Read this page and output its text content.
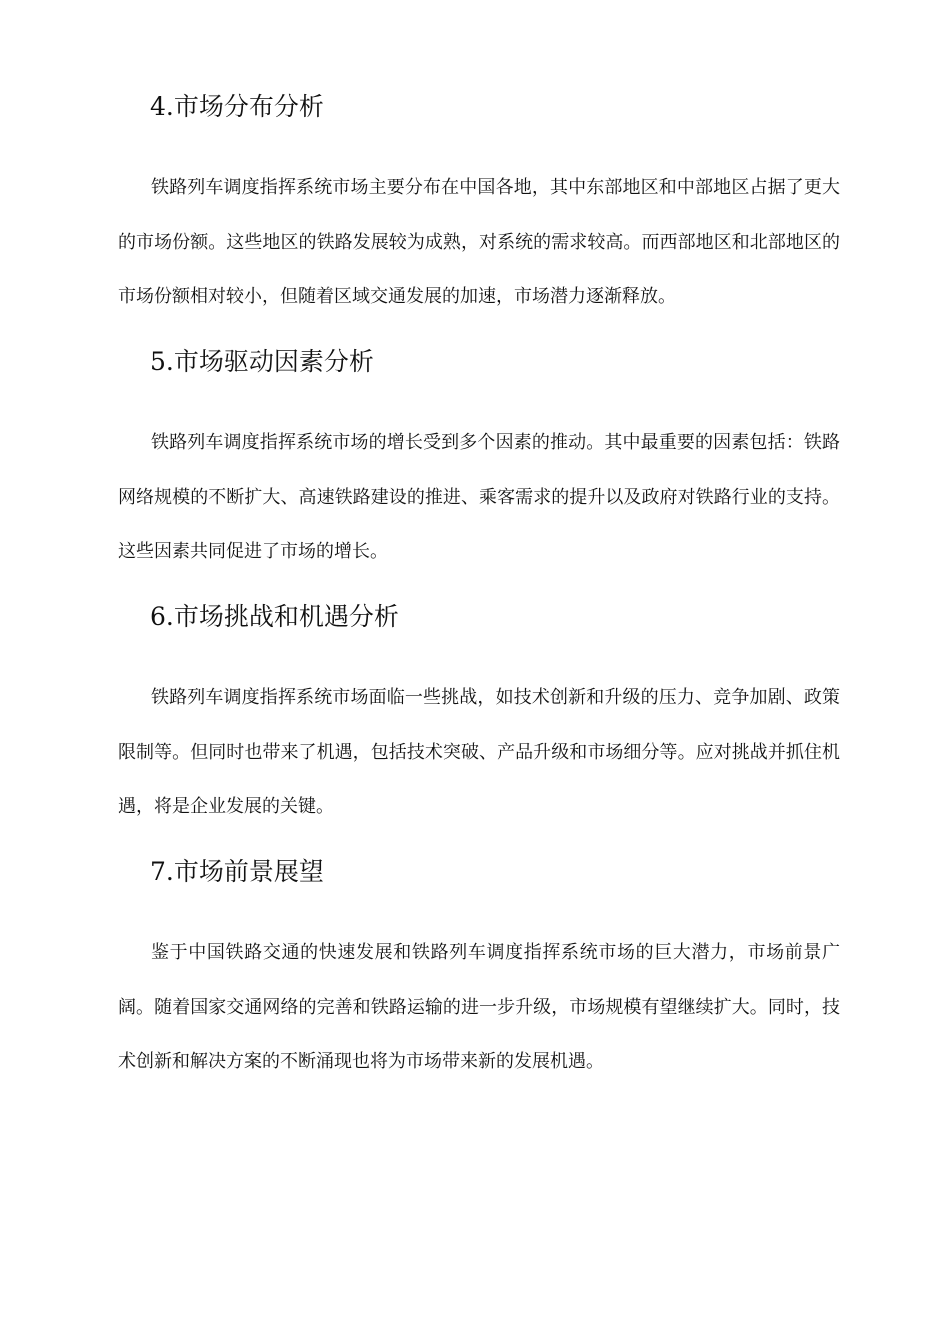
4.市场分布分析

铁路列车调度指挥系统市场主要分布在中国各地，其中东部地区和中部地区占据了更大的市场份额。这些地区的铁路发展较为成熟，对系统的需求较高。而西部地区和北部地区的市场份额相对较小，但随着区域交通发展的加速，市场潜力逐渐释放。

5.市场驱动因素分析

铁路列车调度指挥系统市场的增长受到多个因素的推动。其中最重要的因素包括：铁路网络规模的不断扩大、高速铁路建设的推进、乘客需求的提升以及政府对铁路行业的支持。这些因素共同促进了市场的增长。

6.市场挑战和机遇分析

铁路列车调度指挥系统市场面临一些挑战，如技术创新和升级的压力、竞争加剧、政策限制等。但同时也带来了机遇，包括技术突破、产品升级和市场细分等。应对挑战并抓住机遇，将是企业发展的关键。

7.市场前景展望

鉴于中国铁路交通的快速发展和铁路列车调度指挥系统市场的巨大潜力，市场前景广阔。随着国家交通网络的完善和铁路运输的进一步升级，市场规模有望继续扩大。同时，技术创新和解决方案的不断涌现也将为市场带来新的发展机遇。
